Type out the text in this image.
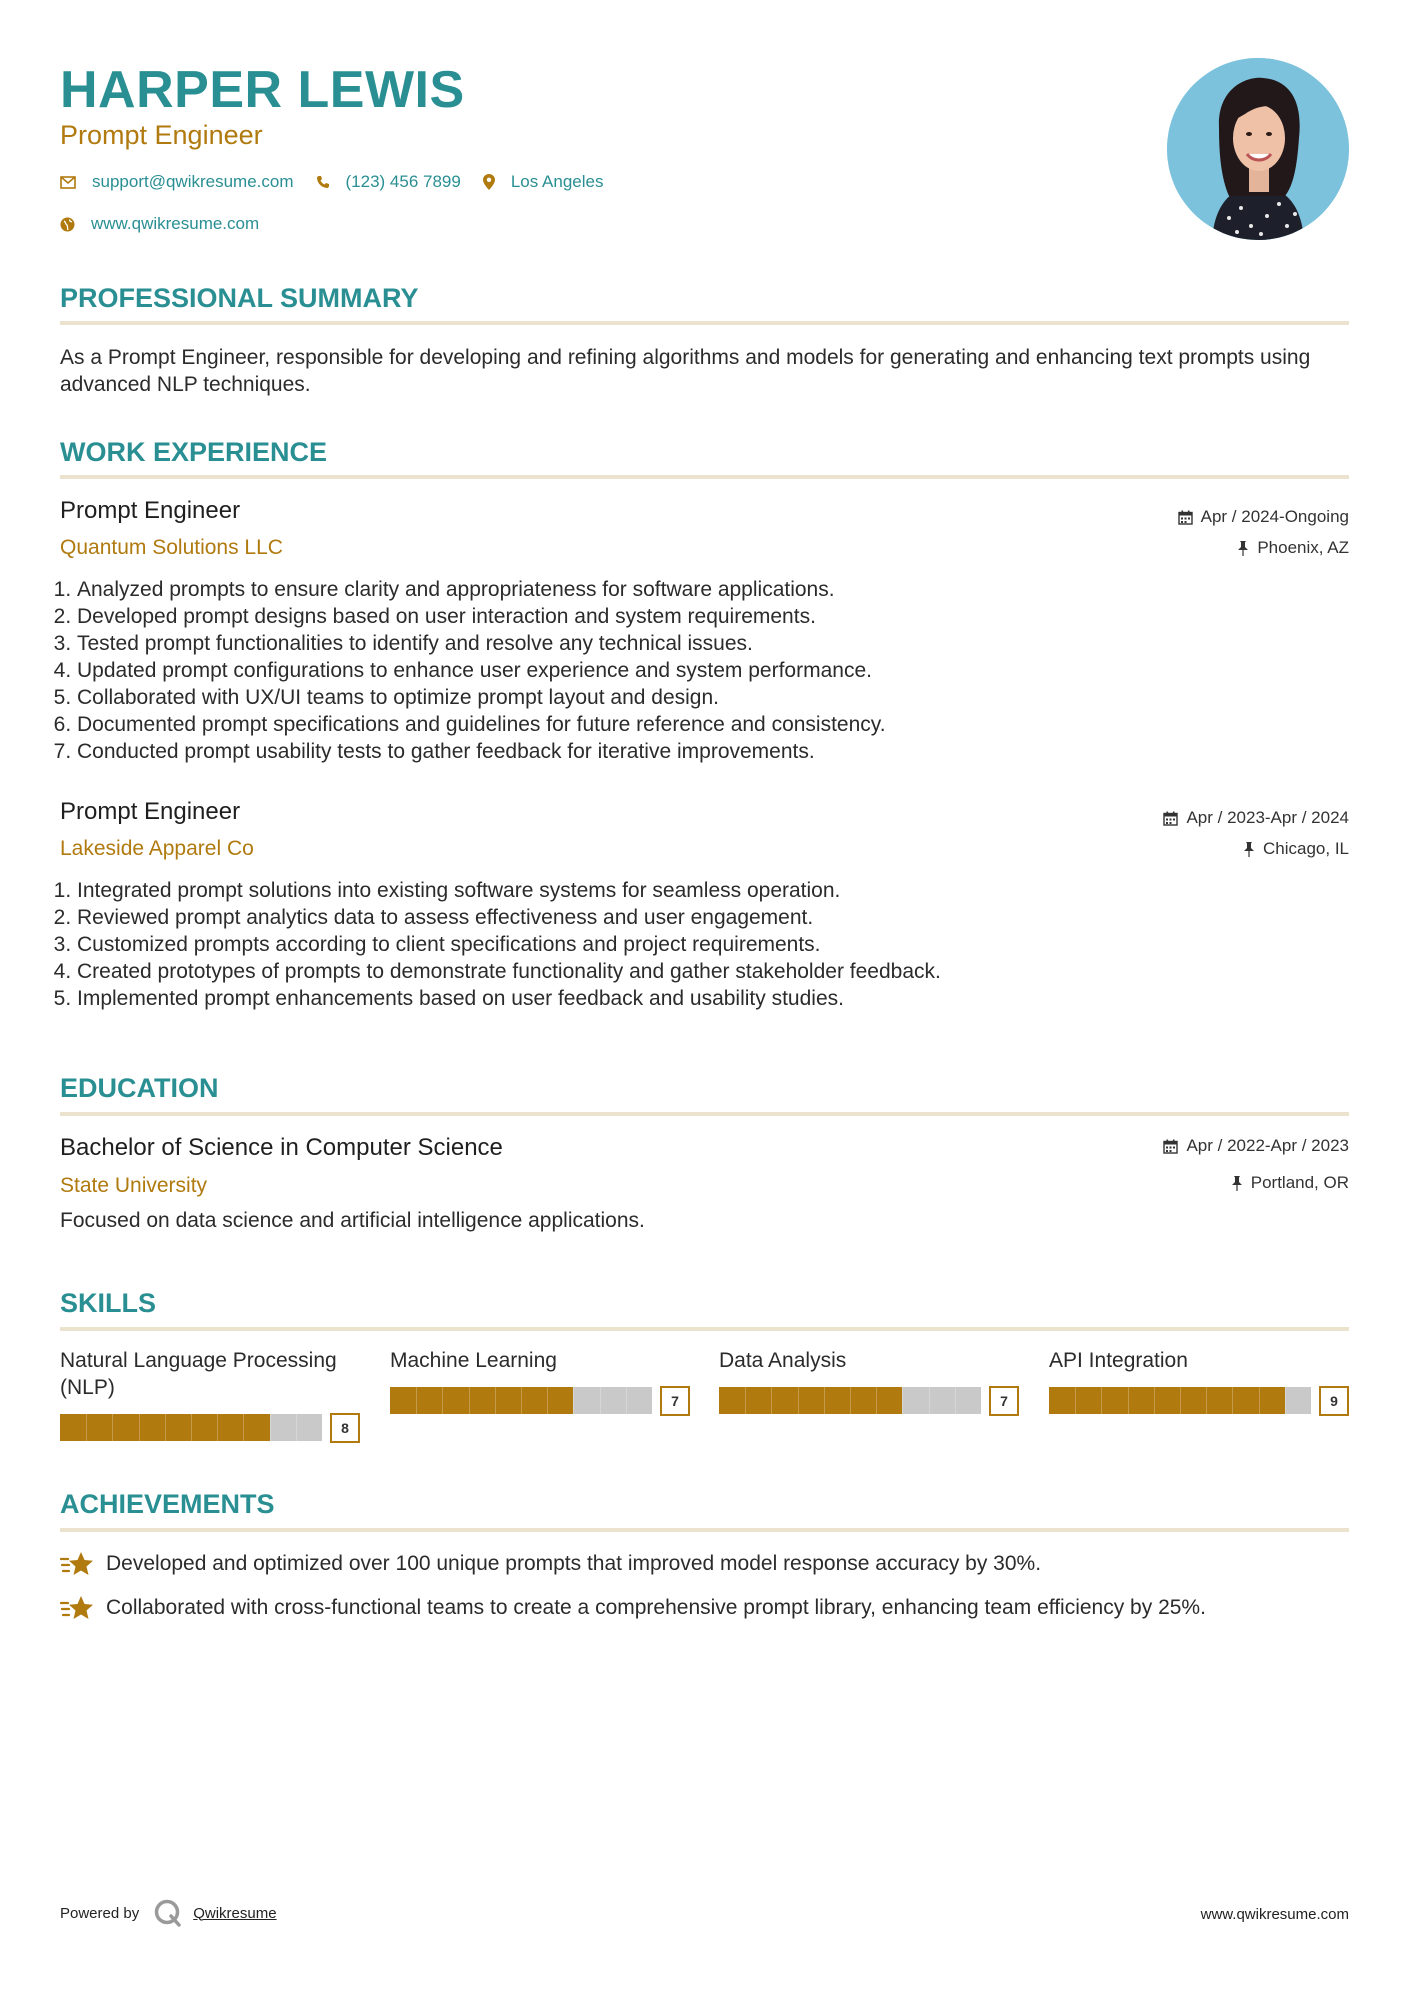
HARPER LEWIS
Prompt Engineer
support@qwikresume.com	(123) 456 7899	Los Angeles
www.qwikresume.com
PROFESSIONAL SUMMARY
As a Prompt Engineer, responsible for developing and refining algorithms and models for generating and enhancing text prompts using advanced NLP techniques.
WORK EXPERIENCE
Prompt Engineer
Quantum Solutions LLC
Apr / 2024-Ongoing
Phoenix, AZ
1. Analyzed prompts to ensure clarity and appropriateness for software applications.
2. Developed prompt designs based on user interaction and system requirements.
3. Tested prompt functionalities to identify and resolve any technical issues.
4. Updated prompt configurations to enhance user experience and system performance.
5. Collaborated with UX/UI teams to optimize prompt layout and design.
6. Documented prompt specifications and guidelines for future reference and consistency.
7. Conducted prompt usability tests to gather feedback for iterative improvements.
Prompt Engineer
Lakeside Apparel Co
Apr / 2023-Apr / 2024
Chicago, IL
1. Integrated prompt solutions into existing software systems for seamless operation.
2. Reviewed prompt analytics data to assess effectiveness and user engagement.
3. Customized prompts according to client specifications and project requirements.
4. Created prototypes of prompts to demonstrate functionality and gather stakeholder feedback.
5. Implemented prompt enhancements based on user feedback and usability studies.
EDUCATION
Bachelor of Science in Computer Science
State University
Apr / 2022-Apr / 2023
Portland, OR
Focused on data science and artificial intelligence applications.
SKILLS
Natural Language Processing (NLP)
8
Machine Learning
7
Data Analysis
7
API Integration
9
ACHIEVEMENTS
Developed and optimized over 100 unique prompts that improved model response accuracy by 30%.
Collaborated with cross-functional teams to create a comprehensive prompt library, enhancing team efficiency by 25%.
Powered by	Qwikresume	www.qwikresume.com
